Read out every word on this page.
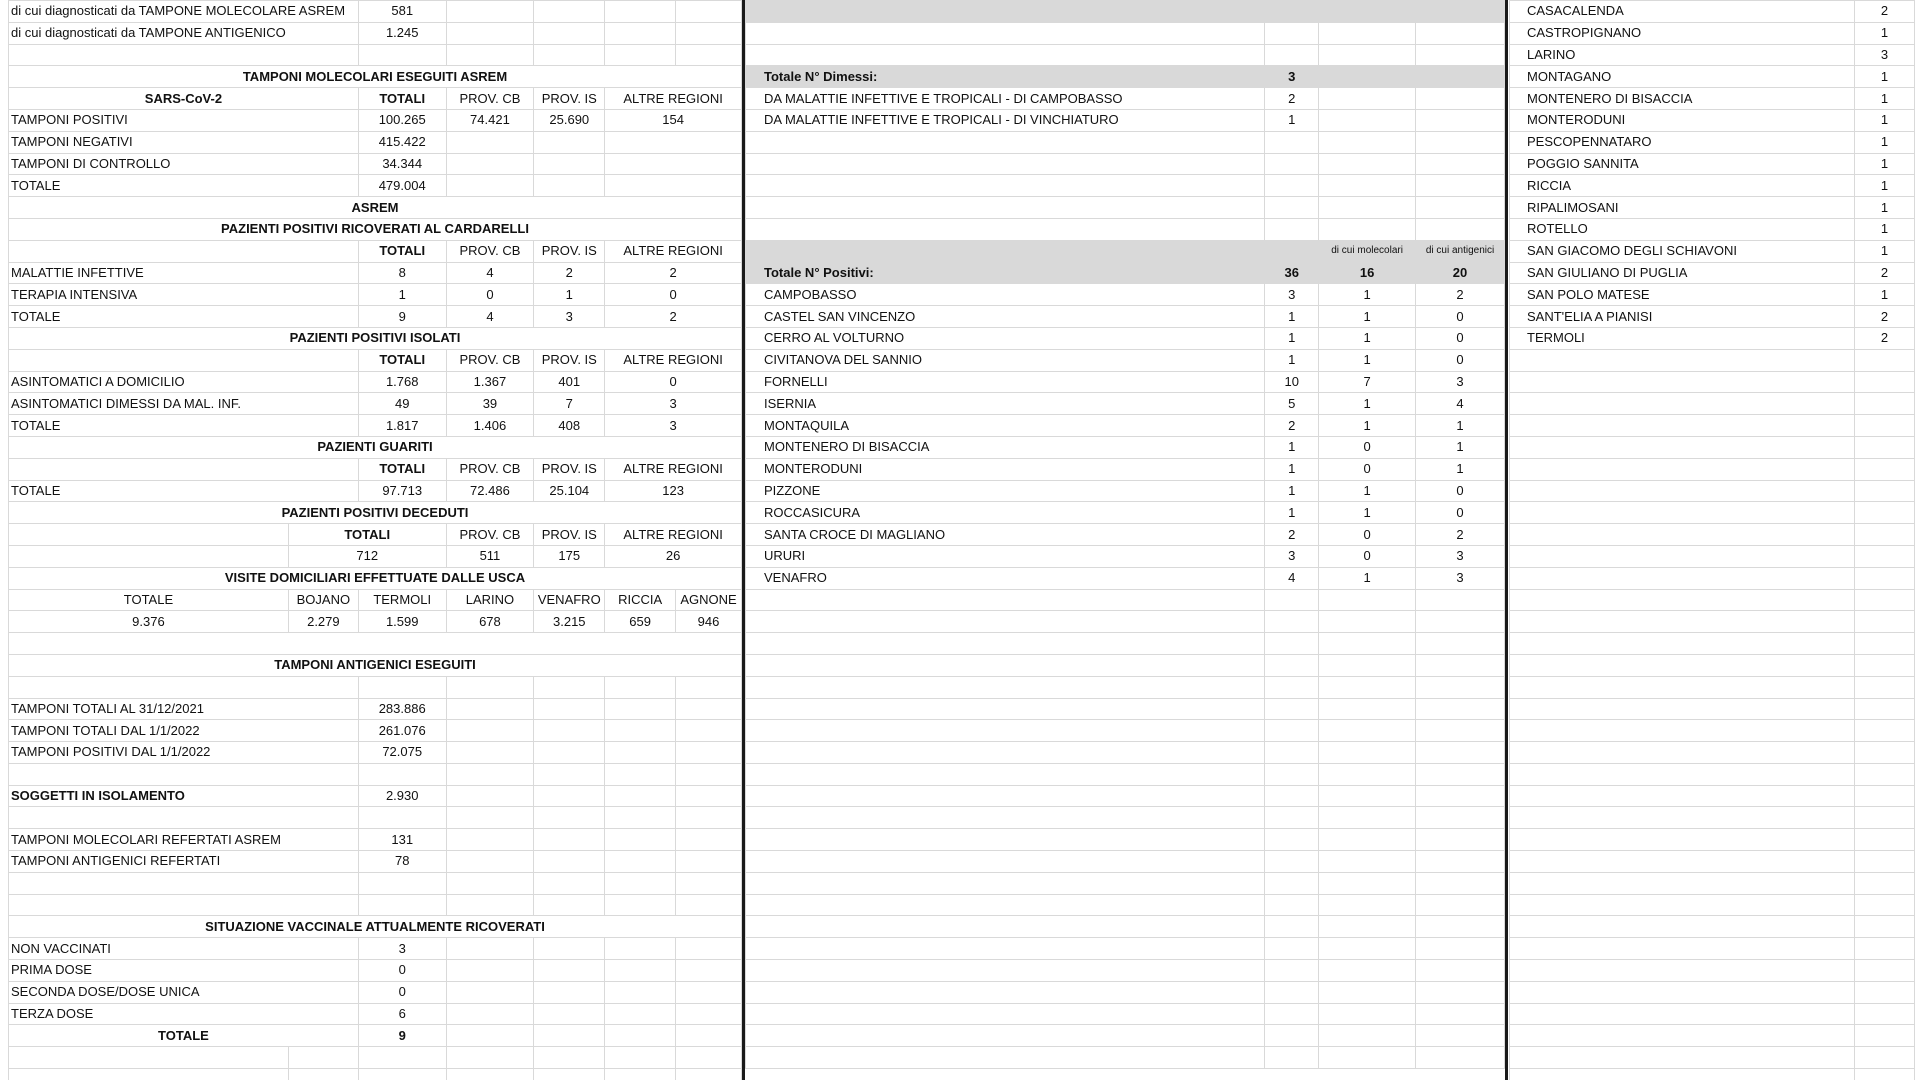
di cui diagnosticati da TAMPONE MOLECOLARE ASREM		581				
di cui diagnosticati da TAMPONE ANTIGENICO		1.245				

TAMPONI MOLECOLARI ESEGUITI ASREM						
SARS-CoV-2		TOTALI	PROV. CB	PROV. IS	ALTRE REGIONI	
TAMPONI POSITIVI		100.265	74.421	25.690	154	
TAMPONI NEGATIVI		415.422				
TAMPONI DI CONTROLLO		34.344				
TOTALE		479.004				
ASREM						
PAZIENTI POSITIVI RICOVERATI AL CARDARELLI						
		TOTALI	PROV. CB	PROV. IS	ALTRE REGIONI	
MALATTIE INFETTIVE		8	4	2	2	
TERAPIA INTENSIVA		1	0	1	0	
TOTALE		9	4	3	2	
PAZIENTI POSITIVI ISOLATI						
		TOTALI	PROV. CB	PROV. IS	ALTRE REGIONI	
ASINTOMATICI A DOMICILIO		1.768	1.367	401	0	
ASINTOMATICI DIMESSI DA MAL. INF.		49	39	7	3	
TOTALE		1.817	1.406	408	3	
PAZIENTI GUARITI						
		TOTALI	PROV. CB	PROV. IS	ALTRE REGIONI	
TOTALE		97.713	72.486	25.104	123	
PAZIENTI POSITIVI DECEDUTI						
	TOTALI		PROV. CB	PROV. IS	ALTRE REGIONI	
	712		511	175	26	
VISITE DOMICILIARI EFFETTUATE DALLE USCA						
TOTALE	BOJANO	TERMOLI	LARINO	VENAFRO	RICCIA	AGNONE
9.376	2.279	1.599	678	3.215	659	946

TAMPONI ANTIGENICI ESEGUITI						

TAMPONI TOTALI AL 31/12/2021		283.886				
TAMPONI TOTALI DAL 1/1/2022		261.076				
TAMPONI POSITIVI DAL 1/1/2022		72.075				

SOGGETTI IN ISOLAMENTO		2.930				

TAMPONI MOLECOLARI REFERTATI ASREM		131				
TAMPONI ANTIGENICI REFERTATI		78				

SITUAZIONE VACCINALE ATTUALMENTE RICOVERATI						
NON VACCINATI		3				
PRIMA DOSE		0				
SECONDA DOSE/DOSE UNICA		0				
TERZA DOSE		6				
TOTALE		9				

Totale N° Dimessi:	3		
DA MALATTIE INFETTIVE E TROPICALI - DI CAMPOBASSO	2		
DA MALATTIE INFETTIVE E TROPICALI - DI VINCHIATURO	1		

		di cui molecolari	di cui antigenici
Totale N° Positivi:	36	16	20
CAMPOBASSO	3	1	2
CASTEL SAN VINCENZO	1	1	0
CERRO AL VOLTURNO	1	1	0
CIVITANOVA DEL SANNIO	1	1	0
FORNELLI	10	7	3
ISERNIA	5	1	4
MONTAQUILA	2	1	1
MONTENERO DI BISACCIA	1	0	1
MONTERODUNI	1	0	1
PIZZONE	1	1	0
ROCCASICURA	1	1	0
SANTA CROCE DI MAGLIANO	2	0	2
URURI	3	0	3
VENAFRO	4	1	3

CASACALENDA	2
CASTROPIGNANO	1
LARINO	3
MONTAGANO	1
MONTENERO DI BISACCIA	1
MONTERODUNI	1
PESCOPENNATARO	1
POGGIO SANNITA	1
RICCIA	1
RIPALIMOSANI	1
ROTELLO	1
SAN GIACOMO DEGLI SCHIAVONI	1
SAN GIULIANO DI PUGLIA	2
SAN POLO MATESE	1
SANT'ELIA A PIANISI	2
TERMOLI	2
